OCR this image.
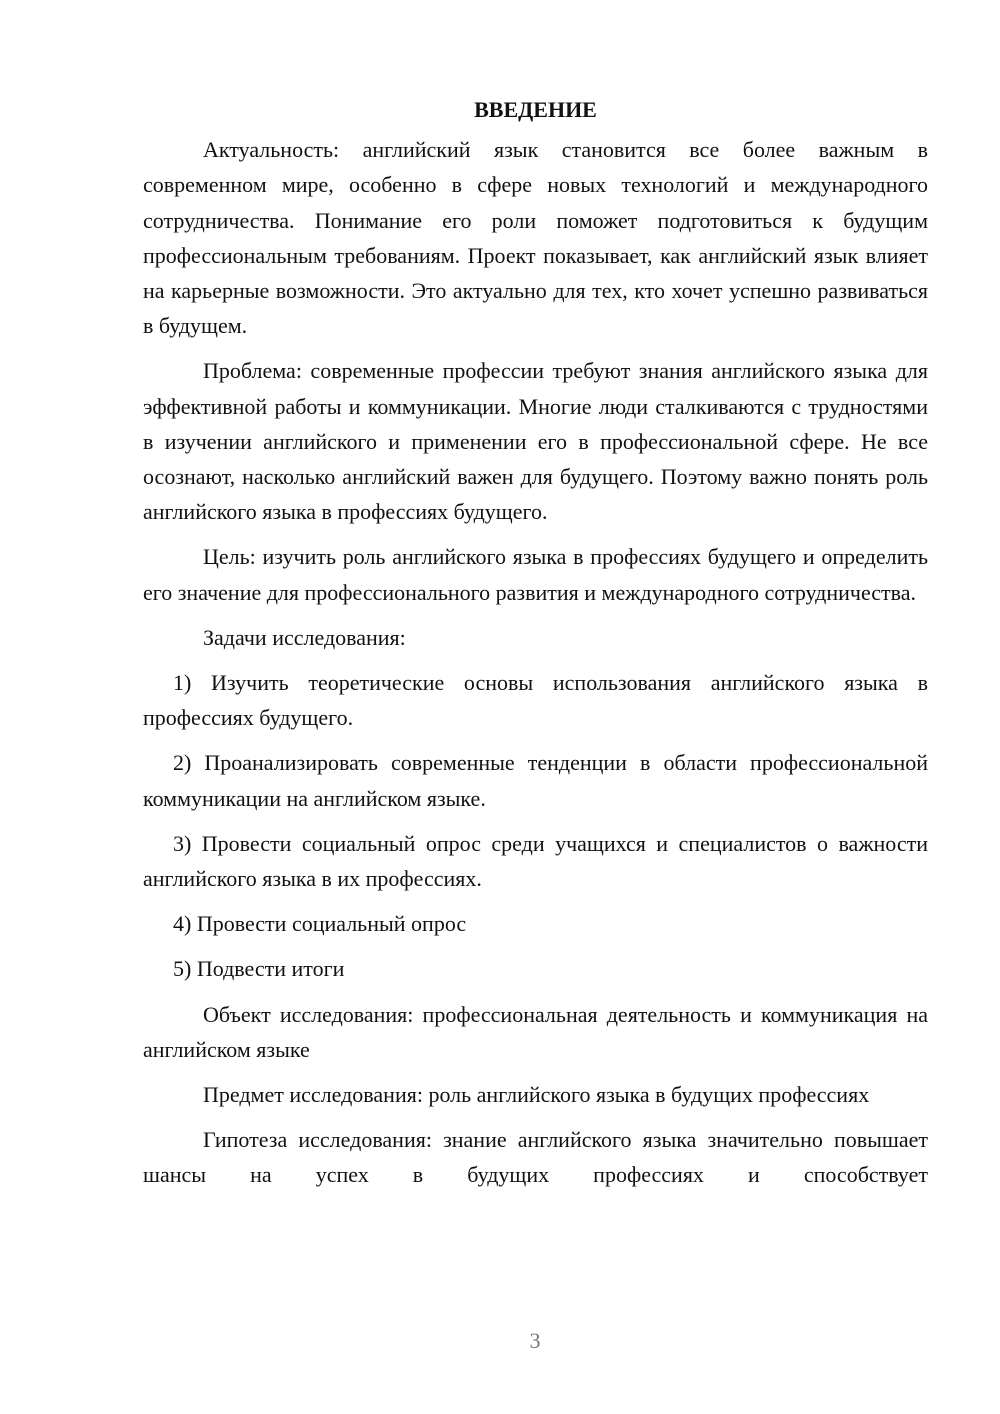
ВВЕДЕНИЕ

Актуальность: английский язык становится все более важным в современном мире, особенно в сфере новых технологий и международного сотрудничества. Понимание его роли поможет подготовиться к будущим профессиональным требованиям. Проект показывает, как английский язык влияет на карьерные возможности. Это актуально для тех, кто хочет успешно развиваться в будущем.

Проблема: современные профессии требуют знания английского языка для эффективной работы и коммуникации. Многие люди сталкиваются с трудностями в изучении английского и применении его в профессиональной сфере. Не все осознают, насколько английский важен для будущего. Поэтому важно понять роль английского языка в профессиях будущего.

Цель: изучить роль английского языка в профессиях будущего и определить его значение для профессионального развития и международного сотрудничества.

Задачи исследования:

1) Изучить теоретические основы использования английского языка в профессиях будущего.

2) Проанализировать современные тенденции в области профессиональной коммуникации на английском языке.

3) Провести социальный опрос среди учащихся и специалистов о важности английского языка в их профессиях.

4) Провести социальный опрос

5) Подвести итоги

Объект исследования: профессиональная деятельность и коммуникация на английском языке

Предмет исследования: роль английского языка в будущих профессиях

Гипотеза исследования: знание английского языка значительно повышает шансы на успех в будущих профессиях и способствует

3
